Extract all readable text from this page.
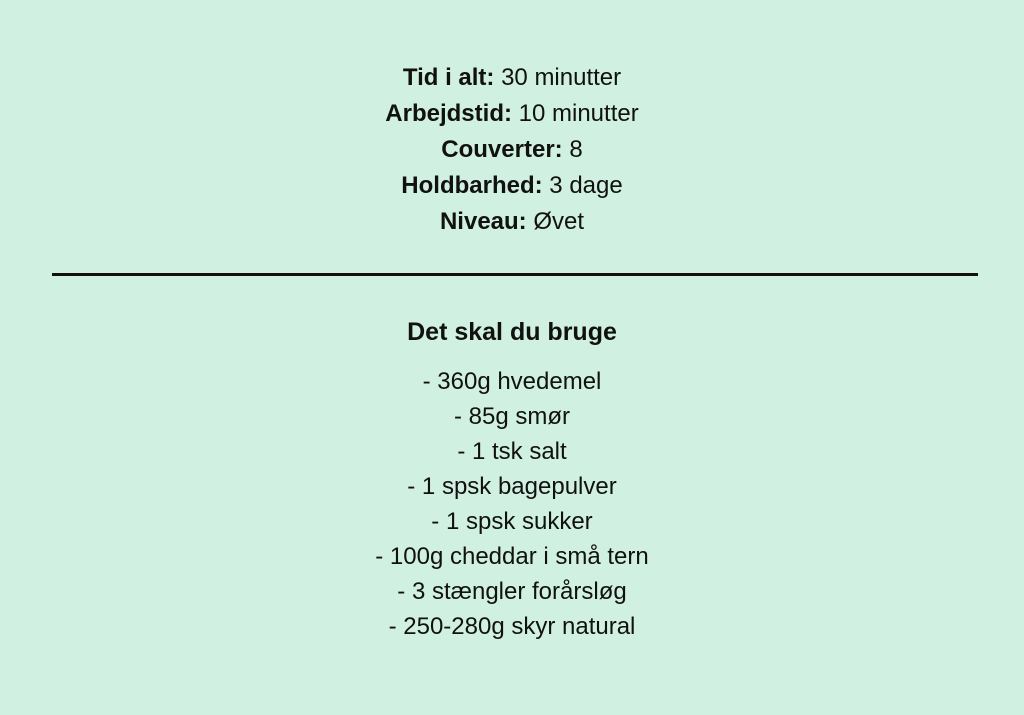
Tid i alt: 30 minutter
Arbejdstid: 10 minutter
Couverter: 8
Holdbarhed: 3 dage
Niveau: Øvet
Det skal du bruge
- 360g hvedemel
- 85g smør
- 1 tsk salt
- 1 spsk bagepulver
- 1 spsk sukker
- 100g cheddar i små tern
- 3 stængler forårsløg
- 250-280g skyr natural
